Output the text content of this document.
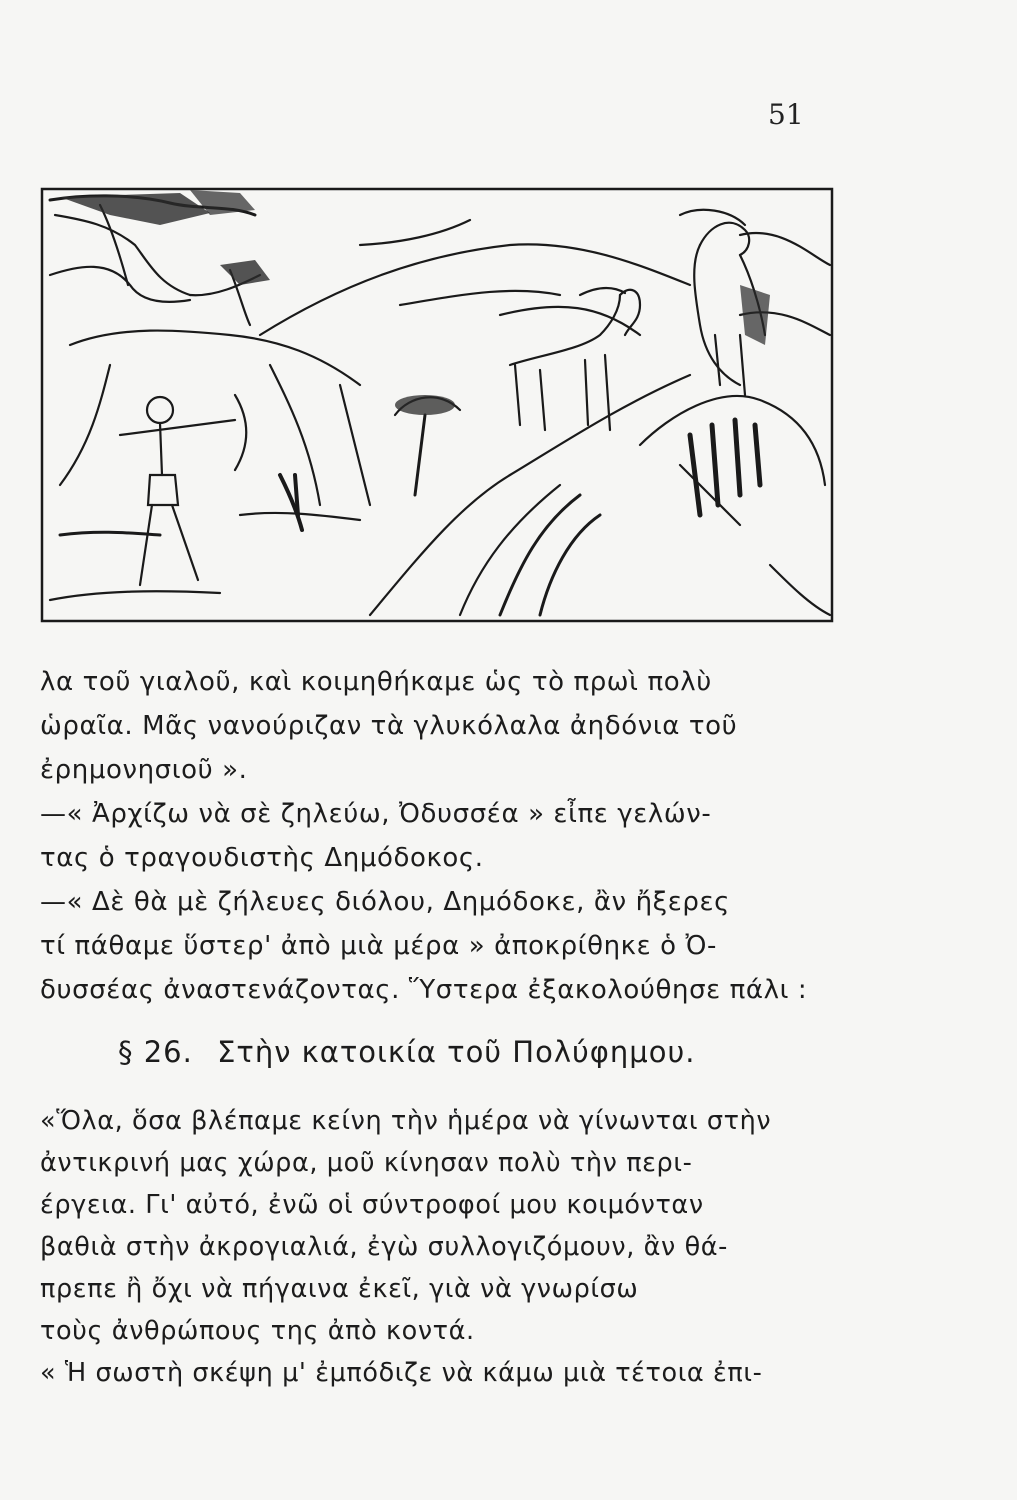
51
λα τοῦ γιαλοῦ, καὶ κοιμηθήκαμε ὡς τὸ πρωὶ πολὺ
ὡραῖα. Μᾶς νανούριζαν τὰ γλυκόλαλα ἀηδόνια τοῦ
ἐρημονησιοῦ ».
—« Ἀρχίζω νὰ σὲ ζηλεύω, Ὀδυσσέα » εἶπε γελών-
τας ὁ τραγουδιστὴς Δημόδοκος.
—« Δὲ θὰ μὲ ζήλευες διόλου, Δημόδοκε, ἂν ἤξερες
τί πάθαμε ὕστερ' ἀπὸ μιὰ μέρα » ἀποκρίθηκε ὁ Ὀ-
δυσσέας ἀναστενάζοντας. Ὕστερα ἐξακολούθησε πάλι :
§ 26. Στὴν κατοικία τοῦ Πολύφημου.
«Ὅλα, ὅσα βλέπαμε κείνη τὴν ἡμέρα νὰ γίνωνται στὴν
ἀντικρινή μας χώρα, μοῦ κίνησαν πολὺ τὴν περι-
έργεια. Γι' αὐτό, ἐνῶ οἱ σύντροφοί μου κοιμόνταν
βαθιὰ στὴν ἀκρογιαλιά, ἐγὼ συλλογιζόμουν, ἂν θά-
πρεπε ἢ ὄχι νὰ πήγαινα ἐκεῖ, γιὰ νὰ γνωρίσω
τοὺς ἀνθρώπους της ἀπὸ κοντά.
« Ἡ σωστὴ σκέψη μ' ἐμπόδιζε νὰ κάμω μιὰ τέτοια ἐπι-
